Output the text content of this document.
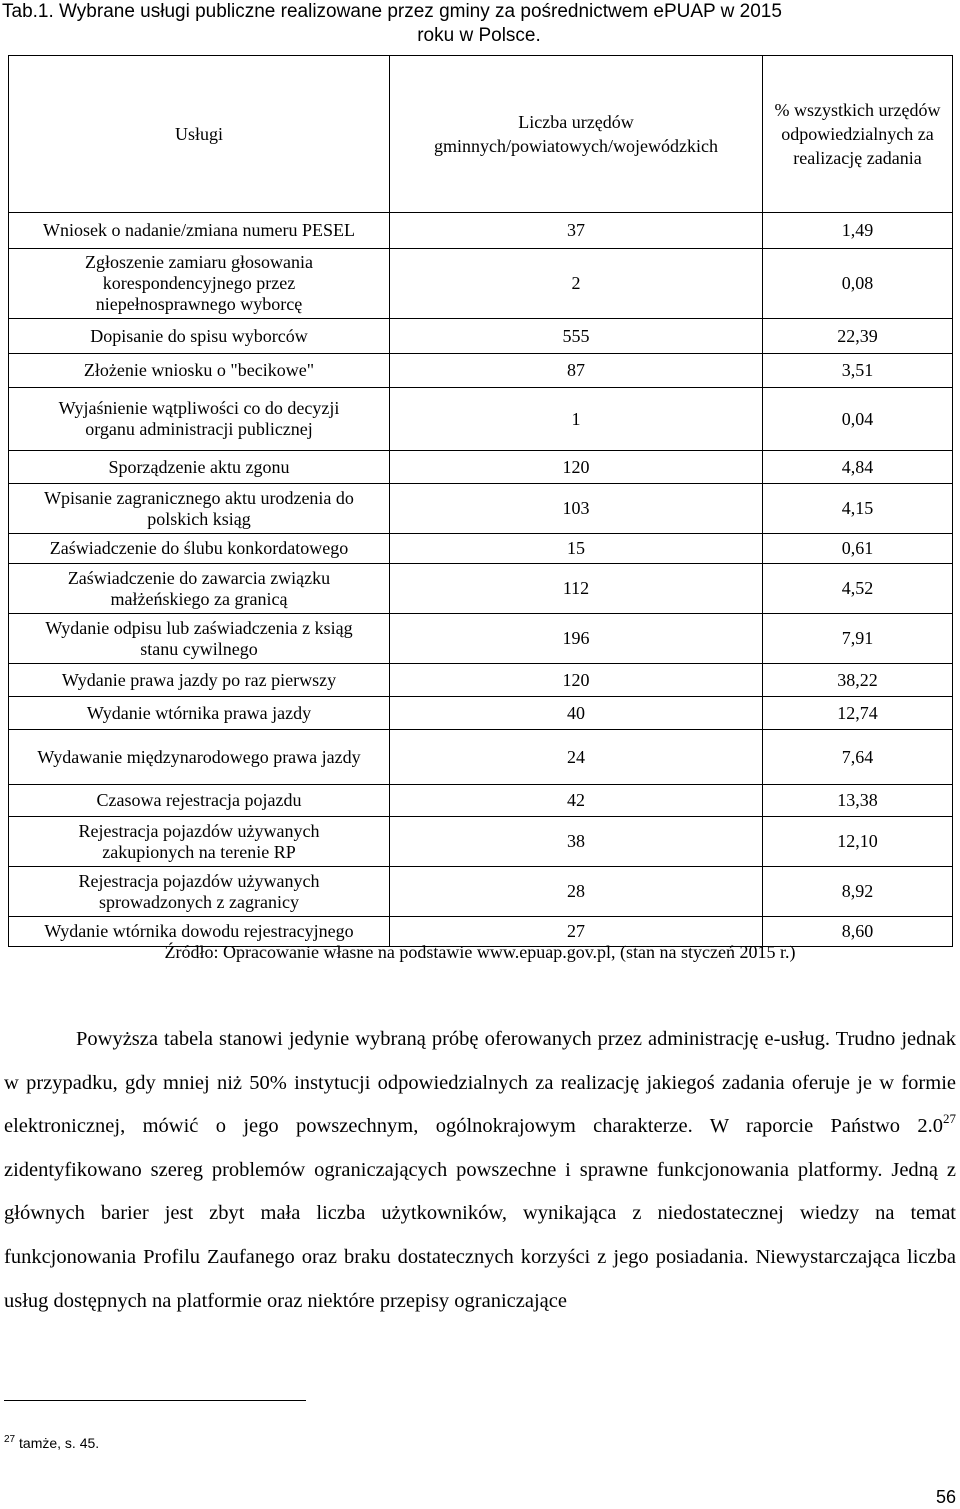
Tab.1. Wybrane usługi publiczne realizowane przez gminy za pośrednictwem ePUAP w 2015
roku w Polsce.
Usługi	Liczba urzędów gminnych/powiatowych/wojewódzkich	% wszystkich urzędów odpowiedzialnych za realizację zadania
Wniosek o nadanie/zmiana numeru PESEL	37	1,49
Zgłoszenie zamiaru głosowania korespondencyjnego przez niepełnosprawnego wyborcę	2	0,08
Dopisanie do spisu wyborców	555	22,39
Złożenie wniosku o "becikowe"	87	3,51
Wyjaśnienie wątpliwości co do decyzji organu administracji publicznej	1	0,04
Sporządzenie aktu zgonu	120	4,84
Wpisanie zagranicznego aktu urodzenia do polskich ksiąg	103	4,15
Zaświadczenie do ślubu konkordatowego	15	0,61
Zaświadczenie do zawarcia związku małżeńskiego za granicą	112	4,52
Wydanie odpisu lub zaświadczenia z ksiąg stanu cywilnego	196	7,91
Wydanie prawa jazdy po raz pierwszy	120	38,22
Wydanie wtórnika prawa jazdy	40	12,74
Wydawanie międzynarodowego prawa jazdy	24	7,64
Czasowa rejestracja pojazdu	42	13,38
Rejestracja pojazdów używanych zakupionych na terenie RP	38	12,10
Rejestracja pojazdów używanych sprowadzonych z zagranicy	28	8,92
Wydanie wtórnika dowodu rejestracyjnego	27	8,60
Źródło: Opracowanie własne na podstawie www.epuap.gov.pl, (stan na styczeń 2015 r.)

Powyższa tabela stanowi jedynie wybraną próbę oferowanych przez administrację e-usług. Trudno jednak w przypadku, gdy mniej niż 50% instytucji odpowiedzialnych za realizację jakiegoś zadania oferuje je w formie elektronicznej, mówić o jego powszechnym, ogólnokrajowym charakterze. W raporcie Państwo $2.0^{27}$ zidentyfikowano szereg problemów ograniczających powszechne i sprawne funkcjonowania platformy. Jedną z głównych barier jest zbyt mała liczba użytkowników, wynikająca z niedostatecznej wiedzy na temat funkcjonowania Profilu Zaufanego oraz braku dostatecznych korzyści z jego posiadania. Niewystarczająca liczba usług dostępnych na platformie oraz niektóre przepisy ograniczające

$^{27}$ tamże, s. 45.
56
